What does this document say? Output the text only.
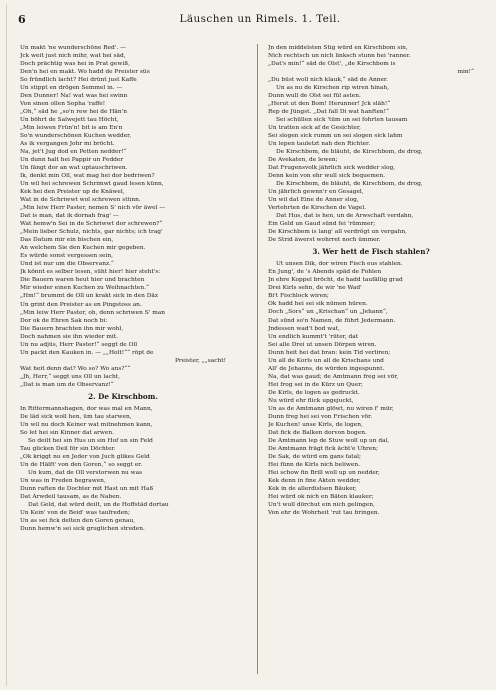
6	Läuschen un Rimels. 1. Teil.
Un makt 'ne wunderschöne Red'. —
Jck weit just nich mihr, wat hei säd,
Doch prächtig was hei in Prat gewiß,
Den'n hei en makt. Wo hadd de Preister süs
So fründlich lacht? Hei drünt just Kaffe
Un stippt en drögen Semmel in. —
Den Dunner! Na! wat was hei swinn
Von sinen ollen Sopha 'raffe!
„Oh,“ säd he „so'n rew hei de Hän'n
Un böhrt de Salwejett tau Höcht,
„Min leiwen Frün'n! bit is am En'n
So'n wunderschönen Kuchen wedder,
As ik vergangen Johr mi bröcht.
Na, jet't Jug dod en Petten nedder!“
Un dunn halt hei Pappir un Fedder
Un fängt dor an wat uptauschriwen.
Ik, denkt min Oll, wat mag hei dor bedriwen?
Un wil hei schrewen Schrimwt gaud lesen künn,
Kek hei den Preister up de Knäwel,
Wat in de Schriwwt wol schrewen stünn.
„Min leiw Herr Paster, nemen S' nich vör äwel —
Dat is man, dat ik dornah frag' —
Wat hemw'n Sei in de Schriwwt dor schrewen?“
„Mein lieber Schulz, nichts, gar nichts; ich trag'
Das Datum mir ein bischen ein,
An welchem Sie den Kuchen mir gegeben.
Es würde sonst vergessen sein,
Und ist nur um die Observanz.“
Jk könnt es selber lesen, süht hier! hier steht's:
Die Bauern waren heut hier und brachten
Mir wieder einen Kuchen zu Weihnachten.“
„Hm!“ brummt de Oll un krakt sick in den Däz
Un grint den Preister as en Pingstoss an.
„Min leiw Herr Paster, oh, denn schriwen S' man
Dor ok de Ehren Sak noch bi:
Die Bauern brachten ihn mir wohl,
Doch nahmen sie ihn wieder mit.
Un nu adjüs, Herr Paster!“ seggt de Oll
Un packt den Kauken in. — „„Holt!““ röpt de
Preister, „„sacht!
Wat heit denn dat? Wo so? Wo ans?““
„Jh, Herr,“ seggt uns Oll un lacht,
„Dat is man um de Observanz!“
2. De Kirschbom.
In Rittermannshagen, dor was mal en Mann,
De läd sick woll hen, üm tau starwen,
Un wil nu doch Keiner wat mitnehmen kann,
So let hei sin Kinner dat arwen.
So deilt hei sin Hus un sin Hof un sin Feld
Tau glicken Deil för sin Döchter.
„Ok kriggt nu en Jeder von Juch glikes Geld
Un de Hälft' von den Goren,“ so seggt er.
Un kum, dat de Oll verstorwen nu was
Un was in Freden begrawen,
Dunn raften de Dochter mit Hast un mit Haß
Dat Arwdeil tausam, as de Naben.
Dat Geld, dat würd deilt, un de Hoffstäd dortau
Un Kein' von de Beid' was taufreden;
Un as sei fick delten den Goren genau,
Dunn hemw'n sei sick gruglichen streden.
Jn den middelsten Stig würd en Kirschbom sin,
Nich rechtsch un nich linksch stunn hei 'ranner.
„Dat's min!“ säd de Olst', „de Kirschbom is
min!“
„Du büst woll nich klauk,“ säd de Anner.
Un as nu de Kirschen rip wiren hinah,
Dunn wull de Olst sei fül asten.
„Herut ut den Bom! Herunner! Jck släh!“
Rep de Jüngst. „Dat fall Di wat hanften!“
Sei schüllen sick 'tüm un sei fohrten tausam
Un tratten sick af de Gesichter,
Sei slogen sick rumm un sei slogen sick lahm
Un lepen tauletzt nah den Richter.
De Kirschbom, de bläuht, de Kirschbom, de drog,
De Avekaten, de lewen;
Dat Frugensvolk jährlich sick wedder slog,
Denn kein von ehr wull sick bequemen.
De Kirschbom, de bläuht, de Kirschbom, de drog,
Un jährlich gewnn'r en Gesagel,
Un wil dat Eine de Anner slog,
Vertehrten de Kirschen de Vagel.
Dat Hus, dat is hen, un de Arwschaft verdahn,
Ein Geld un Gaud sünd fei 'rümmer;
De Kirschbom is lang' all verdrögt un vergahn,
De Strid äwerst wohrret noch ümmer.
3. Wer hett de Fisch stahlen?
Ut unsen Dik, dor wiren Fisch eus stahlen.
En Jung', de 's Abends späd de Fohlen
Jn ehre Koppel bröcht, de hadd taufällig grad
Drei Kirls sehn, de wir 'ne Wad'
Bi't Fischlock wiren;
Ok hadd hei sei sik nümen hüren.
Doch „Sors“ un „Krischan“ un „Jehann“,
Dat sünd so'n Namen, de führt Jedermann.
Jndessen wad't bod wat,
Un endlich kummt't 'rüter, dat
Sei alle Drei ut unsen Dörpen wiren.
Dunn heit hei dat bran: kein Tid verliren;
Un all de Korls un all de Krischans und
All' de Jehanns, de würden ingespunnt.
Na, dat was gaud; de Amtmann freg sei vör,
Hei frog sei in de Kürz un Quer;
De Kirls, de logen as gedruckt.
Nu würd ehr flick upgejuckt,
Un as de Amtmann glöwt, nu wiren f' mür,
Dunn freg hei sei von Frischen vör.
Je Kuchen! unse Kirls, de logen,
Dat fick de Balken dorvon bogen.
De Amtmann lep de Stuw woll up un dal,
De Amtmann frägt fick ächt'e Uhren;
De Sak, de würd em gans fatal;
Hei fünn de Kirls nich beliwen.
Hei schow fin Brill woll up un nedder,
Kek denn in fine Akten wedder,
Kek in de allerdistsen Bäuker,
Hei würd ok nich en Bäten klauker;
Un't wull dörchut ein nich gelingen,
Von ehr de Wohrheit 'rut tau bringen.
